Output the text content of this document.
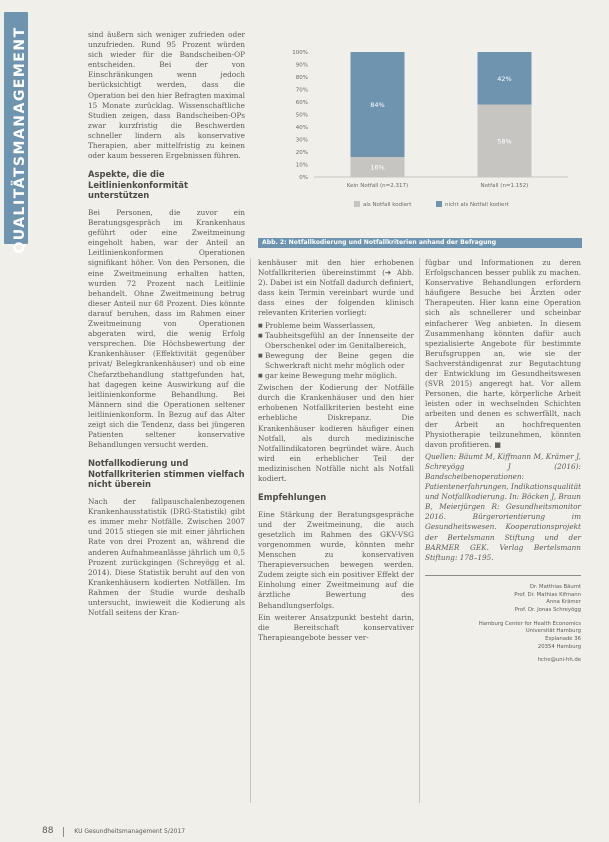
QUALITÄTSMANAGEMENT	sind äußern sich weniger zufrieden oder unzufrieden. Rund 95 Prozent würden sich wieder für die Bandscheiben-OP entscheiden. Bei der von Einschränkungen wenn jedoch berücksichtigt werden, dass die Operation bei den hier Befragten maximal 15 Monate zurücklag. Wissenschaftliche Studien zeigen, dass Bandscheiben-OPs zwar kurzfristig die Beschwerden schneller lindern als konservative Therapien, aber mittelfristig zu keinen oder kaum besseren Ergebnissen führen.

Aspekte, die die Leitlinienkonformität unterstützen

Bei Personen, die zuvor ein Beratungsgespräch im Krankenhaus geführt oder eine Zweitmeinung eingeholt haben, war der Anteil an Leitlinienkonformen Operationen signifikant höher. Von den Personen, die eine Zweitmeinung erhalten hatten, wurden 72 Prozent nach Leitlinie behandelt. Ohne Zweitmeinung betrug dieser Anteil nur 68 Prozent. Dies könnte darauf beruhen, dass im Rahmen einer Zweitmeinung von Operationen abgeraten wird, die wenig Erfolg versprechen. Die Höchsbewertung der Krankenhäuser (Effektivität gegenüber privat/ Belegkrankenhäuser) und ob eine Chefarztbehandlung stattgefunden hat, hat dagegen keine Auswirkung auf die leitlinienkonforme Behandlung. Bei Männern sind die Operationen seltener leitlinienkonform. In Bezug auf das Alter zeigt sich die Tendenz, dass bei jüngeren Patienten seltener konservative Behandlungen versucht werden.

Notfallkodierung und Notfallkriterien stimmen vielfach nicht überein

Nach der fallpauschalenbezogenen Krankenhausstatistik (DRG-Statistik) gibt es immer mehr Notfälle. Zwischen 2007 und 2015 stiegen sie mit einer jährlichen Rate von drei Prozent an, während die anderen Aufnahmeanlässe jährlich um 0,5 Prozent zurückgingen (Schreyögg et al. 2014). Diese Statistik beruht auf den von Krankenhäusern kodierten Notfällen. Im Rahmen der Studie wurde deshalb untersucht, inwieweit die Kodierung als Notfall seitens der Kran-

0%
10%
20%
30%
40%
50%
60%
70%
80%
90%
100%
16%
84%
Kein Notfall (n=2.317)
58%
42%
Notfall (n=1.152)
als Notfall kodiert	nicht als Notfall kodiert
Abb. 2: Notfallkodierung und Notfallkriterien anhand der Befragung

kenhäuser mit den hier erhobenen Notfallkriterien übereinstimmt (➔ Abb. 2). Dabei ist ein Notfall dadurch definiert, dass kein Termin vereinbart wurde und dass eines der folgenden klinisch relevanten Kriterien vorliegt:

■ Probleme beim Wasserlassen,
■ Taubheitsgefühl an der Innenseite der Oberschenkel oder im Genitalbereich,
■ Bewegung der Beine gegen die Schwerkraft nicht mehr möglich oder
■ gar keine Bewegung mehr möglich.

Zwischen der Kodierung der Notfälle durch die Krankenhäuser und den hier erhobenen Notfallkriterien besteht eine erhebliche Diskrepanz. Die Krankenhäuser kodieren häufiger einen Notfall, als durch medizinische Notfallindikatoren begründet wäre. Auch wird ein erheblicher Teil der medizinischen Notfälle nicht als Notfall kodiert.

Empfehlungen

Eine Stärkung der Beratungsgespräche und der Zweitmeinung, die auch gesetzlich im Rahmen des GKV-VSG vorgenommen wurde, könnten mehr Menschen zu konservativen Therapieversuchen bewegen werden. Zudem zeigte sich ein positiver Effekt der Einholung einer Zweitmeinung auf die ärztliche Bewertung des Behandlungserfolgs.

Ein weiterer Ansatzpunkt besteht darin, die Bereitschaft konservativer Therapieangebote besser ver-

fügbar und Informationen zu deren Erfolgschancen besser publik zu machen. Konservative Behandlungen erfordern häufigere Besuche bei Ärzten oder Therapeuten. Hier kann eine Operation sich als schnellerer und scheinbar einfacherer Weg anbieten. In diesem Zusammenhang könnten dafür auch spezialisierte Angebote für bestimmte Berufsgruppen an, wie sie der Sachverständigenrat zur Begutachtung der Entwicklung im Gesundheitswesen (SVR 2015) angeregt hat. Vor allem Personen, die harte, körperliche Arbeit leisten oder in wechselnden Schichten arbeiten und denen es schwerfällt, nach der Arbeit an hochfrequenten Physiotherapie teilzunehmen, könnten davon profitieren. ■

Quellen: Bäumt M, Kiffmann M, Krämer J, Schreyögg J (2016): Bandscheibenoperationen: Patientenerfahrungen, Indikationsqualität und Notfallkodierung. In: Böcken J, Braun B, Meierjürgen R: Gesundheitsmonitor 2016. Bürgerorientierung im Gesundheitswesen. Kooperationsprojekt der Bertelsmann Stiftung und der BARMER GEK. Verlag Bertelsmann Stiftung: 178–195.

Dr. Matthias Bäumt
Prof. Dr. Mathias Kifmann
Anna Krämer
Prof. Dr. Jonas Schreyögg
Hamburg Center for Health Economics
Universität Hamburg
Esplanade 36
20354 Hamburg
hche@uni-hh.de
88	KU Gesundheitsmanagement 5/2017
